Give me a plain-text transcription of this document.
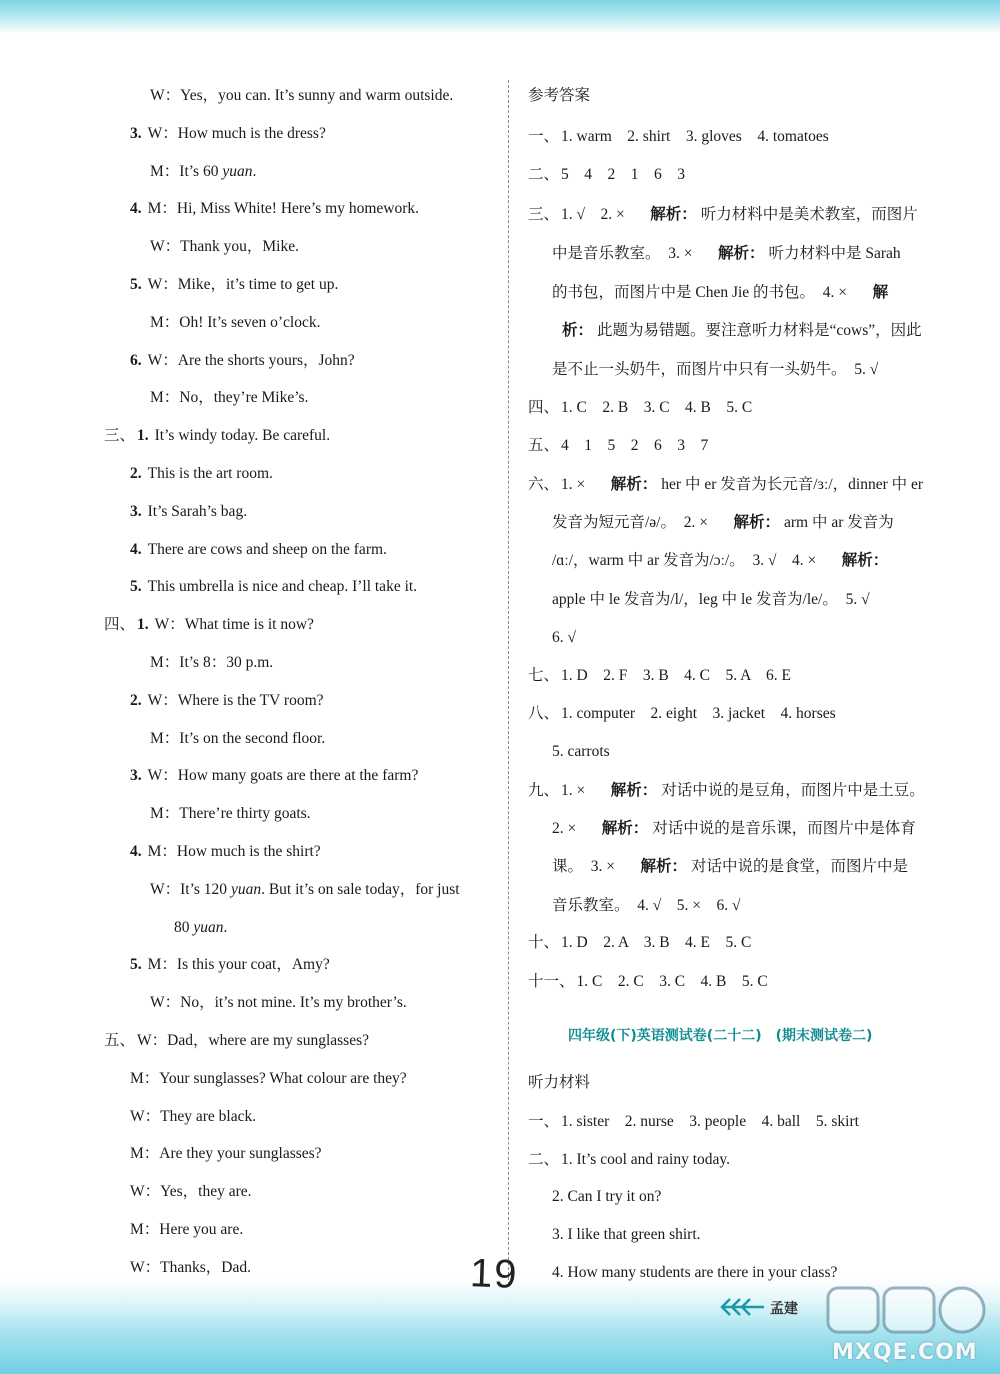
W：Yes，you can. It’s sunny and warm outside.
3. W：How much is the dress?
M：It’s 60 yuan.
4. M：Hi, Miss White! Here’s my homework.
W：Thank you，Mike.
5. W：Mike，it’s time to get up.
M：Oh! It’s seven o’clock.
6. W：Are the shorts yours，John?
M：No，they’re Mike’s.
三、 1. It’s windy today. Be careful.
2. This is the art room.
3. It’s Sarah’s bag.
4. There are cows and sheep on the farm.
5. This umbrella is nice and cheap. I’ll take it.
四、 1. W：What time is it now?
M：It’s 8：30 p.m.
2. W：Where is the TV room?
M：It’s on the second floor.
3. W：How many goats are there at the farm?
M：There’re thirty goats.
4. M：How much is the shirt?
W：It’s 120 yuan. But it’s on sale today，for just
80 yuan.
5. M：Is this your coat，Amy?
W：No，it’s not mine. It’s my brother’s.
五、 W：Dad，where are my sunglasses?
M：Your sunglasses? What colour are they?
W：They are black.
M：Are they your sunglasses?
W：Yes，they are.
M：Here you are.
W：Thanks，Dad.
参考答案
一、 1. warm　2. shirt　3. gloves　4. tomatoes
二、 5　4　2　1　6　3
三、 1. √　2. ×　解析： 听力材料中是美术教室，而图片
中是音乐教室。　3. ×　解析： 听力材料中是 Sarah
的书包，而图片中是 Chen Jie 的书包。　4. ×　解
析： 此题为易错题。要注意听力材料是“cows”，因此
是不止一头奶牛，而图片中只有一头奶牛。　5. √
四、 1. C　2. B　3. C　4. B　5. C
五、 4　1　5　2　6　3　7
六、 1. ×　解析： her 中 er 发音为长元音/ɜː/，dinner 中 er
发音为短元音/ə/。　2. ×　解析： arm 中 ar 发音为
/ɑː/，warm 中 ar 发音为/ɔː/。　3. √　4. ×　解析：
apple 中 le 发音为/l/，leg 中 le 发音为/le/。　5. √
6. √
七、 1. D　2. F　3. B　4. C　5. A　6. E
八、 1. computer　2. eight　3. jacket　4. horses
5. carrots
九、 1. ×　解析： 对话中说的是豆角，而图片中是土豆。
2. ×　解析： 对话中说的是音乐课，而图片中是体育
课。　3. ×　解析： 对话中说的是食堂，而图片中是
音乐教室。　4. √　5. ×　6. √
十、 1. D　2. A　3. B　4. E　5. C
十一、 1. C　2. C　3. C　4. B　5. C
听力材料
一、 1. sister　2. nurse　3. people　4. ball　5. skirt
二、 1. It’s cool and rainy today.
2. Can I try it on?
3. I like that green shirt.
4. How many students are there in your class?
四年级(下)英语测试卷(二十二)　(期末测试卷二)
19
孟建
MXQE.COM
